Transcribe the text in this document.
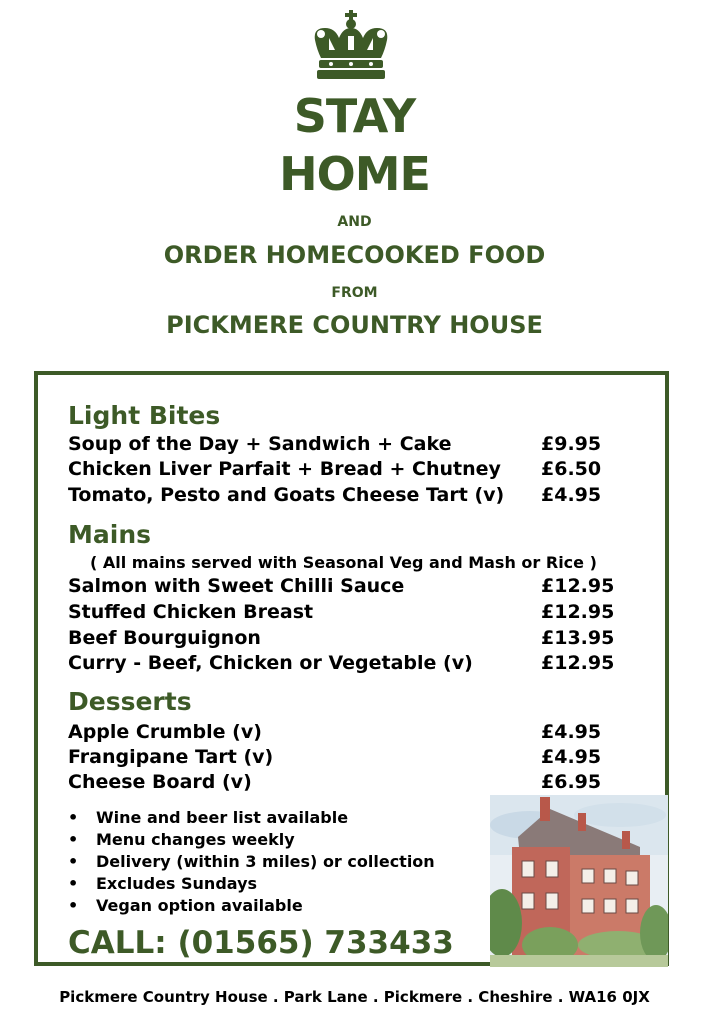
STAY
HOME
AND
ORDER HOMECOOKED FOOD
FROM
PICKMERE COUNTRY HOUSE
Light Bites
Soup of the Day + Sandwich + Cake	£9.95
Chicken Liver Parfait + Bread + Chutney £6.50
Tomato, Pesto and Goats Cheese Tart (v) £4.95
Mains
( All mains served with Seasonal Veg and Mash or Rice )
Salmon with Sweet Chilli Sauce	£12.95
Stuffed Chicken Breast	£12.95
Beef Bourguignon	£13.95
Curry - Beef, Chicken or Vegetable (v)	£12.95
Desserts
Apple Crumble (v)	£4.95
Frangipane Tart (v)	£4.95
Cheese Board (v)	£6.95
• Wine and beer list available
• Menu changes weekly
• Delivery (within 3 miles) or collection
• Excludes Sundays
• Vegan option available
CALL: (01565) 733433
Pickmere Country House . Park Lane . Pickmere . Cheshire . WA16 0JX
